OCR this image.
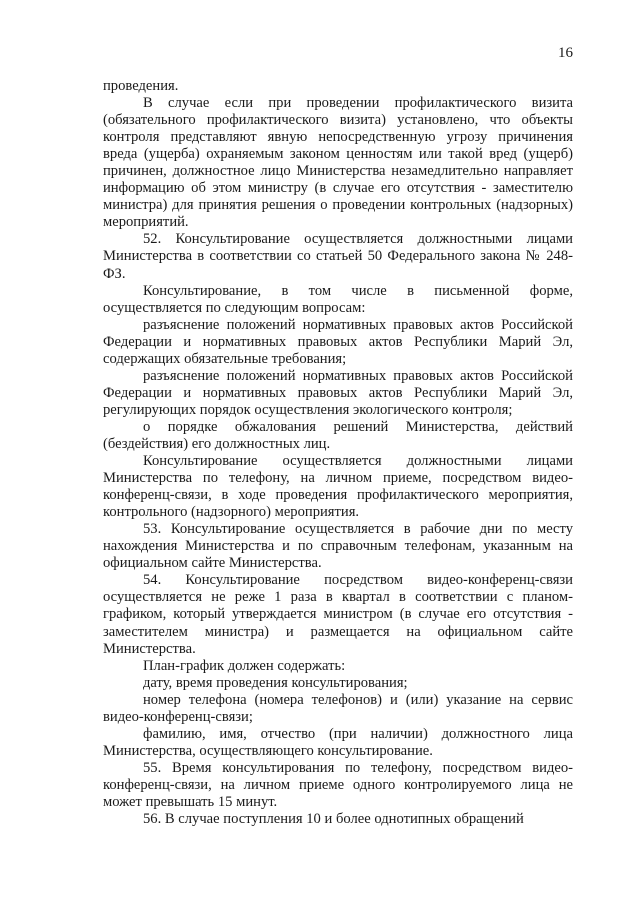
16

проведения.

В случае если при проведении профилактического визита (обязательного профилактического визита) установлено, что объекты контроля представляют явную непосредственную угрозу причинения вреда (ущерба) охраняемым законом ценностям или такой вред (ущерб) причинен, должностное лицо Министерства незамедлительно направляет информацию об этом министру (в случае его отсутствия - заместителю министра) для принятия решения о проведении контрольных (надзорных) мероприятий.

52. Консультирование осуществляется должностными лицами Министерства в соответствии со статьей 50 Федерального закона № 248-ФЗ.

Консультирование, в том числе в письменной форме, осуществляется по следующим вопросам:

разъяснение положений нормативных правовых актов Российской Федерации и нормативных правовых актов Республики Марий Эл, содержащих обязательные требования;

разъяснение положений нормативных правовых актов Российской Федерации и нормативных правовых актов Республики Марий Эл, регулирующих порядок осуществления экологического контроля;

о порядке обжалования решений Министерства, действий (бездействия) его должностных лиц.

Консультирование осуществляется должностными лицами Министерства по телефону, на личном приеме, посредством видео-конференц-связи, в ходе проведения профилактического мероприятия, контрольного (надзорного) мероприятия.

53. Консультирование осуществляется в рабочие дни по месту нахождения Министерства и по справочным телефонам, указанным на официальном сайте Министерства.

54. Консультирование посредством видео-конференц-связи осуществляется не реже 1 раза в квартал в соответствии с планом-графиком, который утверждается министром (в случае его отсутствия - заместителем министра) и размещается на официальном сайте Министерства.

План-график должен содержать:

дату, время проведения консультирования;

номер телефона (номера телефонов) и (или) указание на сервис видео-конференц-связи;

фамилию, имя, отчество (при наличии) должностного лица Министерства, осуществляющего консультирование.

55. Время консультирования по телефону, посредством видео-конференц-связи, на личном приеме одного контролируемого лица не может превышать 15 минут.

56. В случае поступления 10 и более однотипных обращений
